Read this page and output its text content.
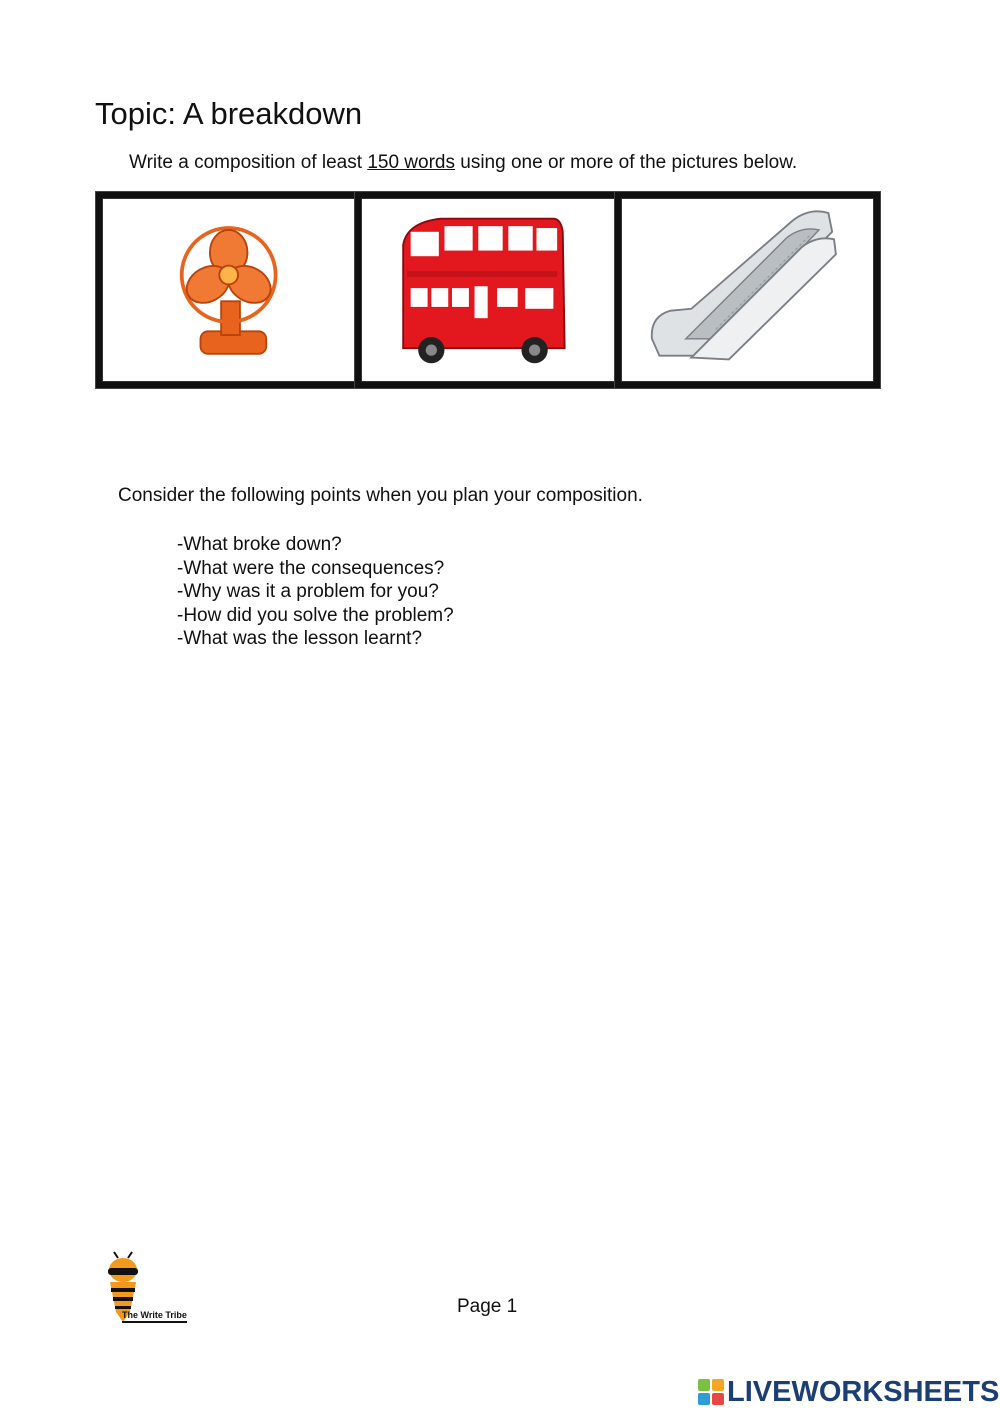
Topic: A breakdown
Write a composition of least 150 words using one or more of the pictures below.
Consider the following points when you plan your composition.
-What broke down?
-What were the consequences?
-Why was it a problem for you?
-How did you solve the problem?
-What was the lesson learnt?
The Write Tribe	Page 1
LIVEWORKSHEETS
